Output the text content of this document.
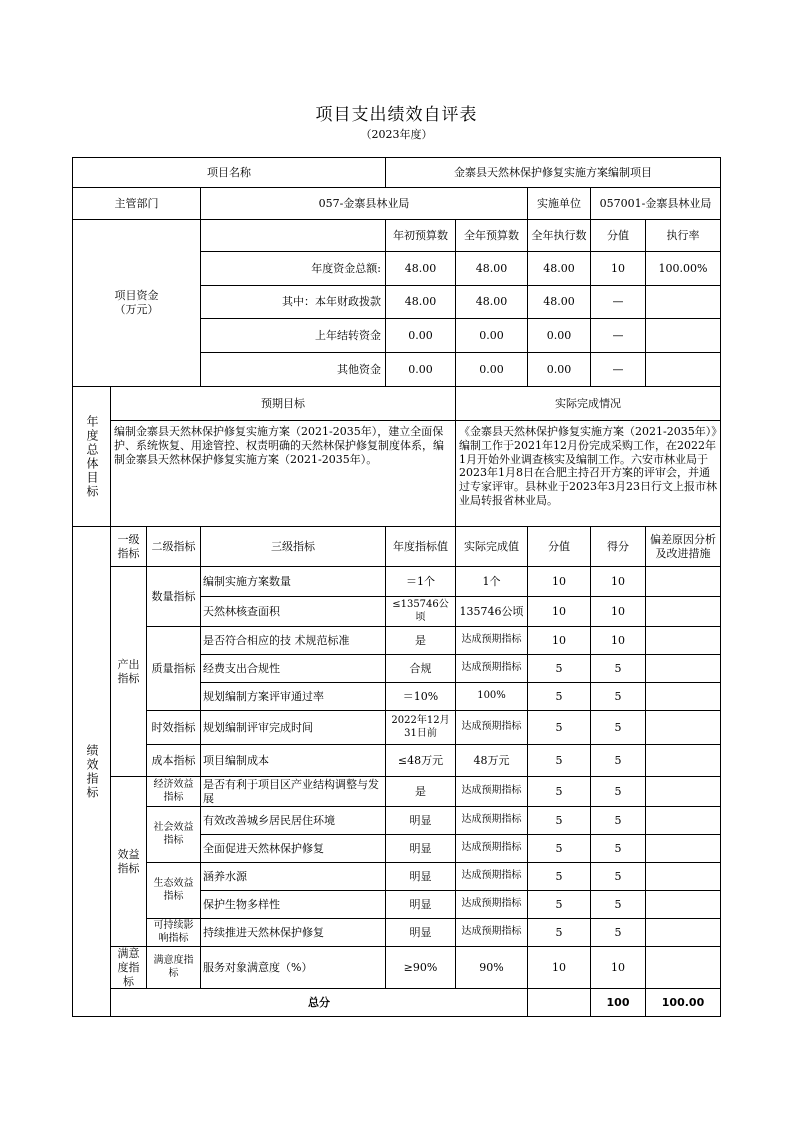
项目支出绩效自评表
（2023年度）
项目名称				金寨县天然林保护修复实施方案编制项目					
主管部门			057-金寨县林业局			实施单位	057001-金寨县林业局		
项目资金（万元）				年初预算数	全年预算数	全年执行数	分值	执行率	
			年度资金总额:	48.00	48.00	48.00	10	100.00%	
			其中：本年财政拨款	48.00	48.00	48.00	—		
			上年结转资金	0.00	0.00	0.00	—		
			其他资金	0.00	0.00	0.00	—		

年度总体目标	预期目标				实际完成情况				
	编制金寨县天然林保护修复实施方案（2021-2035年），建立全面保护、系统恢复、用途管控、权责明确的天然林保护修复制度体系，编制金寨县天然林保护修复实施方案（2021-2035年）。				《金寨县天然林保护修复实施方案（2021-2035年）》编制工作于2021年12月份完成采购工作，在2022年1月开始外业调查核实及编制工作。六安市林业局于2023年1月8日在合肥主持召开方案的评审会，并通过专家评审。县林业于2023年3月23日行文上报市林业局转报省林业局。				

绩效指标	一级指标	二级指标	三级指标	年度指标值	实际完成值	分值	得分	偏差原因分析及改进措施	
	产出指标	数量指标	编制实施方案数量	＝1个	1个	10	10		
			天然林核查面积	≤135746公顷	135746公顷	10	10		
		质量指标	是否符合相应的技 术规范标准	是	达成预期指标	10	10		
			经费支出合规性	合规	达成预期指标	5	5		
			规划编制方案评审通过率	＝10%	100%	5	5		
		时效指标	规划编制评审完成时间	2022年12月31日前	达成预期指标	5	5		
		成本指标	项目编制成本	≤48万元	48万元	5	5		
	效益指标	经济效益指标	是否有利于项目区产业结构调整与发展	是	达成预期指标	5	5		
		社会效益指标	有效改善城乡居民居住环境	明显	达成预期指标	5	5		
			全面促进天然林保护修复	明显	达成预期指标	5	5		
		生态效益指标	涵养水源	明显	达成预期指标	5	5		
			保护生物多样性	明显	达成预期指标	5	5		
		可持续影响指标	持续推进天然林保护修复	明显	达成预期指标	5	5		
	满意度指标	满意度指标	服务对象满意度（%）	≥90%	90%	10	10		
	总分						100	100.00	
